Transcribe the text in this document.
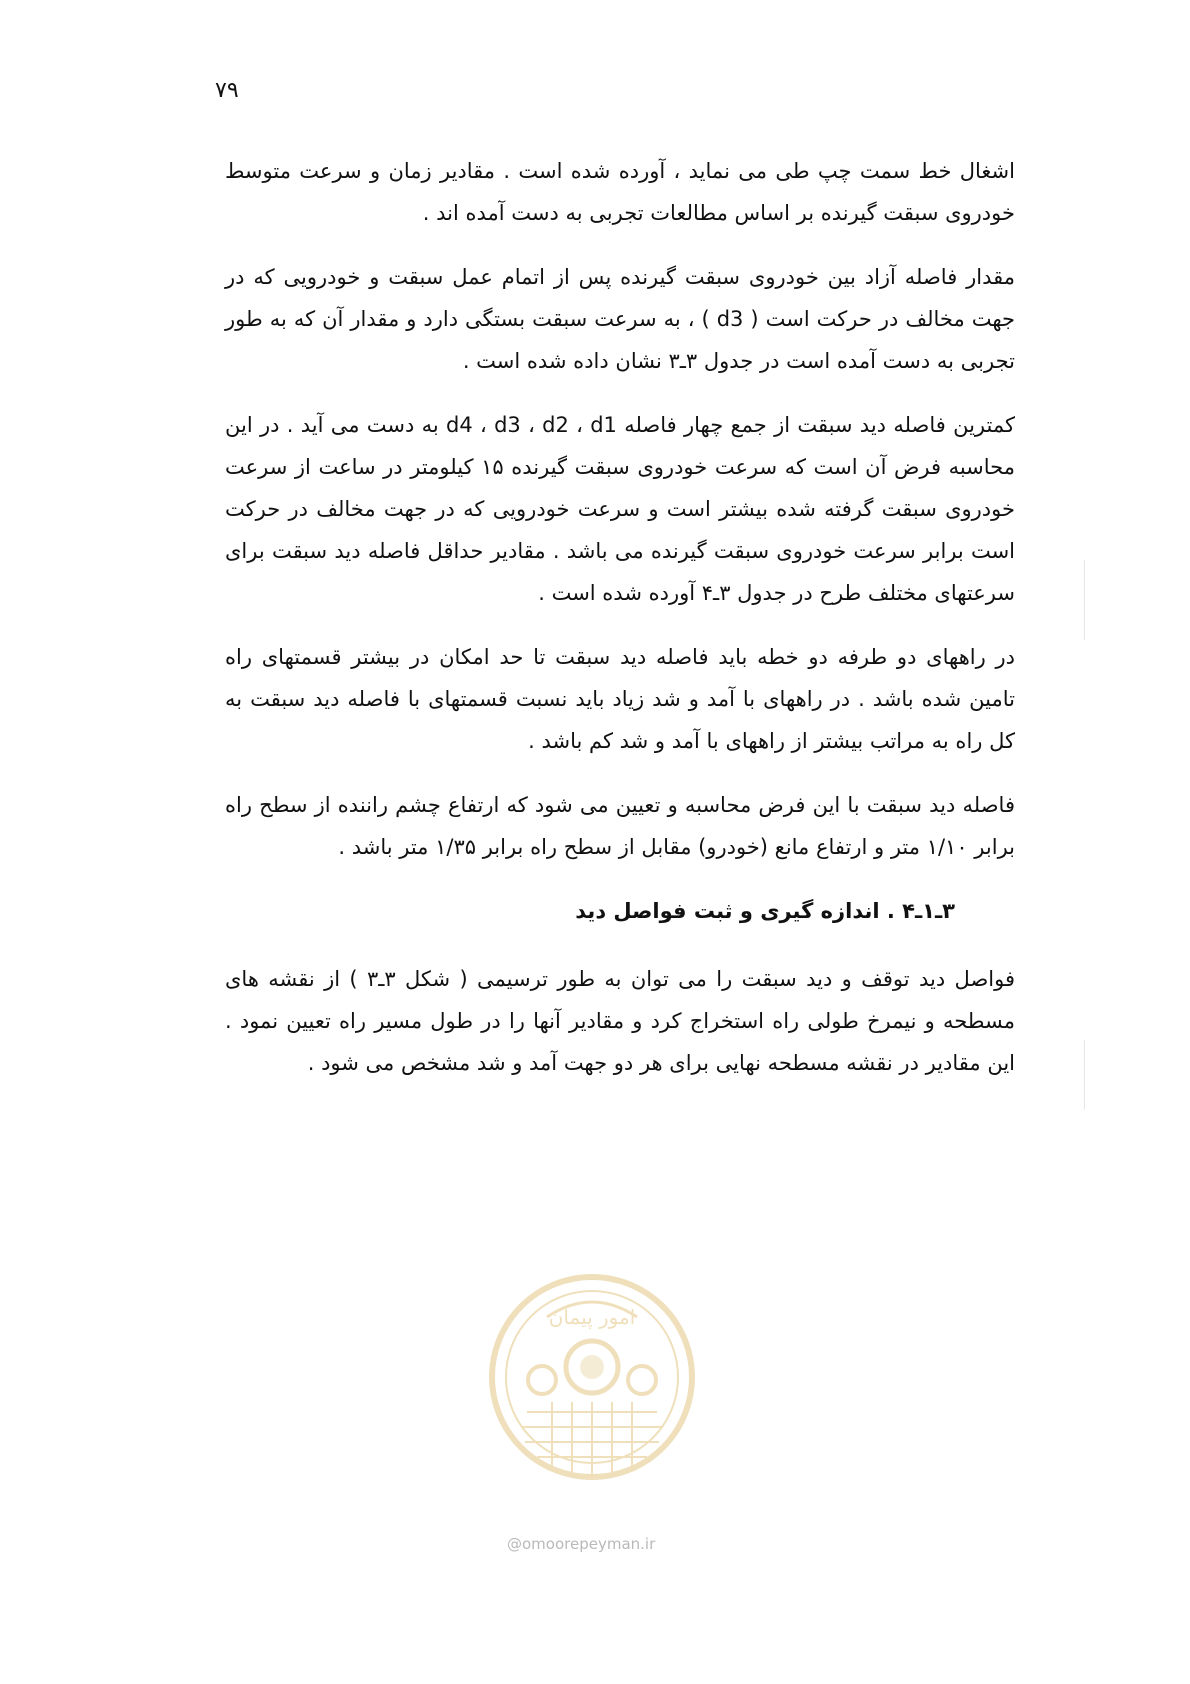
۷۹

اشغال خط سمت چپ طی می نماید ، آورده شده است . مقادیر زمان و سرعت متوسط خودروی سبقت گیرنده بر اساس مطالعات تجربی به دست آمده اند .

مقدار فاصله آزاد بین خودروی سبقت گیرنده پس از اتمام عمل سبقت و خودرویی که در جهت مخالف در حرکت است ( d3 ) ، به سرعت سبقت بستگی دارد و مقدار آن که به طور تجربی به دست آمده است در جدول ۳ـ۳ نشان داده شده است .

کمترین فاصله دید سبقت از جمع چهار فاصله d4 ، d3 ، d2 ، d1 به دست می آید . در این محاسبه فرض آن است که سرعت خودروی سبقت گیرنده ۱۵ کیلومتر در ساعت از سرعت خودروی سبقت گرفته شده بیشتر است و سرعت خودرویی که در جهت مخالف در حرکت است برابر سرعت خودروی سبقت گیرنده می باشد . مقادیر حداقل فاصله دید سبقت برای سرعتهای مختلف طرح در جدول ۳ـ۴ آورده شده است .

در راههای دو طرفه دو خطه باید فاصله دید سبقت تا حد امکان در بیشتر قسمتهای راه تامین شده باشد . در راههای با آمد و شد زیاد باید نسبت قسمتهای با فاصله دید سبقت به کل راه به مراتب بیشتر از راههای با آمد و شد کم باشد .

فاصله دید سبقت با این فرض محاسبه و تعیین می شود که ارتفاع چشم راننده از سطح راه برابر ۱/۱۰ متر و ارتفاع مانع (خودرو) مقابل از سطح راه برابر ۱/۳۵ متر باشد .

۳ـ۱ـ۴ . اندازه گیری و ثبت فواصل دید

فواصل دید توقف و دید سبقت را می توان به طور ترسیمی ( شکل ۳ـ۳ ) از نقشه های مسطحه و نیمرخ طولی راه استخراج کرد و مقادیر آنها را در طول مسیر راه تعیین نمود . این مقادیر در نقشه مسطحه نهایی برای هر دو جهت آمد و شد مشخص می شود .

امور پیمان
@omoorepeyman.ir
